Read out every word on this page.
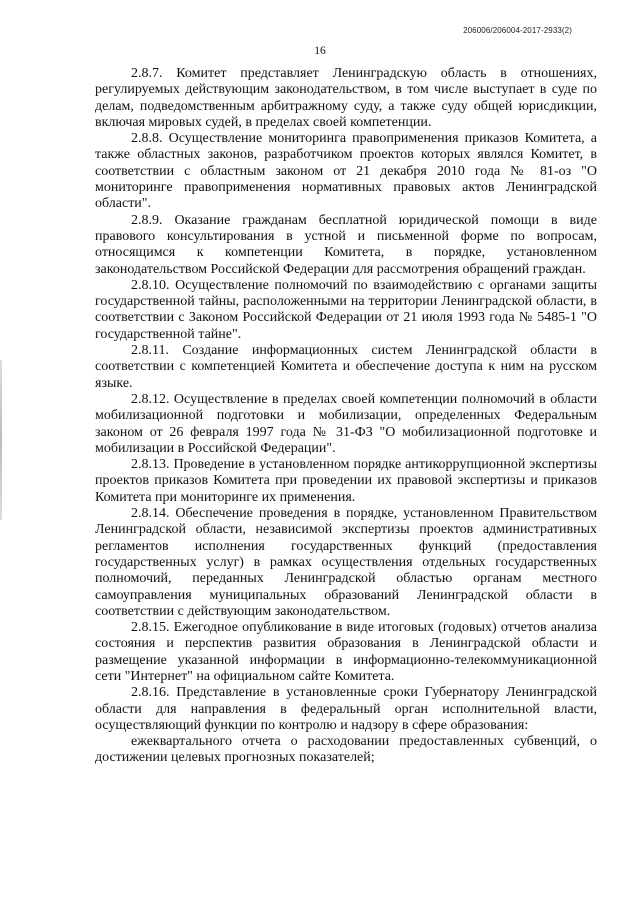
206006/206004-2017-2933(2)
16

2.8.7. Комитет представляет Ленинградскую область в отношениях, регулируемых действующим законодательством, в том числе выступает в суде по делам, подведомственным арбитражному суду, а также суду общей юрисдикции, включая мировых судей, в пределах своей компетенции.

2.8.8. Осуществление мониторинга правоприменения приказов Комитета, а также областных законов, разработчиком проектов которых являлся Комитет, в соответствии с областным законом от 21 декабря 2010 года № 81-оз "О мониторинге правоприменения нормативных правовых актов Ленинградской области".

2.8.9. Оказание гражданам бесплатной юридической помощи в виде правового консультирования в устной и письменной форме по вопросам, относящимся к компетенции Комитета, в порядке, установленном законодательством Российской Федерации для рассмотрения обращений граждан.

2.8.10. Осуществление полномочий по взаимодействию с органами защиты государственной тайны, расположенными на территории Ленинградской области, в соответствии с Законом Российской Федерации от 21 июля 1993 года № 5485-1 "О государственной тайне".

2.8.11. Создание информационных систем Ленинградской области в соответствии с компетенцией Комитета и обеспечение доступа к ним на русском языке.

2.8.12. Осуществление в пределах своей компетенции полномочий в области мобилизационной подготовки и мобилизации, определенных Федеральным законом от 26 февраля 1997 года № 31-ФЗ "О мобилизационной подготовке и мобилизации в Российской Федерации".

2.8.13. Проведение в установленном порядке антикоррупционной экспертизы проектов приказов Комитета при проведении их правовой экспертизы и приказов Комитета при мониторинге их применения.

2.8.14. Обеспечение проведения в порядке, установленном Правительством Ленинградской области, независимой экспертизы проектов административных регламентов исполнения государственных функций (предоставления государственных услуг) в рамках осуществления отдельных государственных полномочий, переданных Ленинградской областью органам местного самоуправления муниципальных образований Ленинградской области в соответствии с действующим законодательством.

2.8.15. Ежегодное опубликование в виде итоговых (годовых) отчетов анализа состояния и перспектив развития образования в Ленинградской области и размещение указанной информации в информационно-телекоммуникационной сети "Интернет" на официальном сайте Комитета.

2.8.16. Представление в установленные сроки Губернатору Ленинградской области для направления в федеральный орган исполнительной власти, осуществляющий функции по контролю и надзору в сфере образования:

ежеквартального отчета о расходовании предоставленных субвенций, о достижении целевых прогнозных показателей;
